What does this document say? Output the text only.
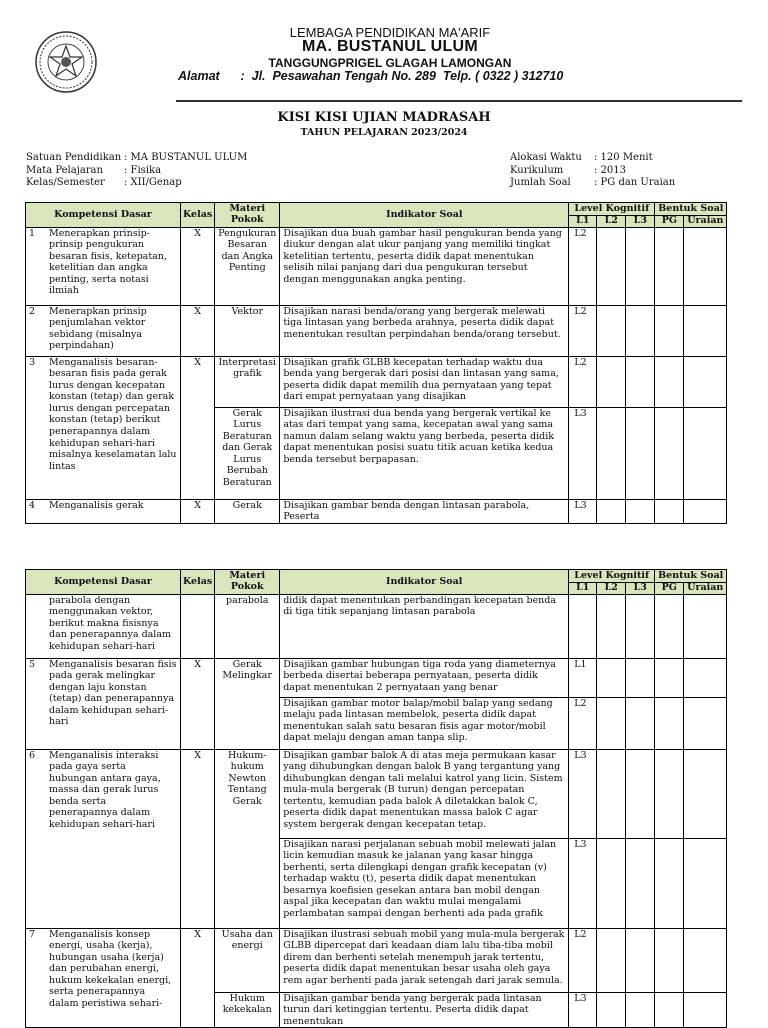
LEMBAGA PENDIDIKAN MA'ARIF
MA. BUSTANUL ULUM
TANGGUNGPRIGEL GLAGAH LAMONGAN
Alamat      :  Jl.  Pesawahan Tengah No. 289  Telp. ( 0322 ) 312710
KISI KISI UJIAN MADRASAH
TAHUN PELAJARAN 2023/2024
Satuan Pendidikan : MA BUSTANUL ULUM
Mata Pelajaran : Fisika
Kelas/Semester : XII/Genap
Alokasi Waktu : 120 Menit
Kurikulum	: 2013
Jumlah Soal : PG dan Uraian
Kompetensi Dasar	Kelas	Materi Pokok	Indikator Soal	Level Kognitif			Bentuk Soal	
				L1	L2	L3	PG	Uraian

1 Menerapkan prinsip-prinsip pengukuran besaran fisis, ketepatan, ketelitian dan angka penting, serta notasi ilmiah	X	Pengukuran Besaran dan Angka Penting	Disajikan dua buah gambar hasil pengukuran benda yang diukur dengan alat ukur panjang yang memiliki tingkat ketelitian tertentu, peserta didik dapat menentukan selisih nilai panjang dari dua pengukuran tersebut dengan menggunakan angka penting.	L2				

2 Menerapkan prinsip penjumlahan vektor sebidang (misalnya perpindahan)	X	Vektor	Disajikan narasi benda/orang yang bergerak melewati tiga lintasan yang berbeda arahnya, peserta didik dapat menentukan resultan perpindahan benda/orang tersebut.	L2				

3 Menganalisis besaran-besaran fisis pada gerak lurus dengan kecepatan konstan (tetap) dan gerak lurus dengan percepatan konstan (tetap) berikut penerapannya dalam kehidupan sehari-hari misalnya keselamatan lalu lintas	X	Interpretasi grafik	Disajikan grafik GLBB kecepatan terhadap waktu dua benda yang bergerak dari posisi dan lintasan yang sama, peserta didik dapat memilih dua pernyataan yang tepat dari empat pernyataan yang disajikan	L2				
		Gerak Lurus Beraturan dan Gerak Lurus Berubah Beraturan	Disajikan ilustrasi dua benda yang bergerak vertikal ke atas dari tempat yang sama, kecepatan awal yang sama namun dalam selang waktu yang berbeda, peserta didik dapat menentukan posisi suatu titik acuan ketika kedua benda tersebut berpapasan.	L3				

4 Menganalisis gerak	X	Gerak	Disajikan gambar benda dengan lintasan parabola, Peserta	L3				
Kompetensi Dasar	Kelas	Materi Pokok	Indikator Soal	Level Kognitif			Bentuk Soal	
				L1	L2	L3	PG	Uraian

parabola dengan menggunakan vektor, berikut makna fisisnya dan penerapannya dalam kehidupan sehari-hari		parabola	didik dapat menentukan perbandingan kecepatan benda di tiga titik sepanjang lintasan parabola					

5 Menganalisis besaran fisis pada gerak melingkar dengan laju konstan (tetap) dan penerapannya dalam kehidupan sehari-hari	X	Gerak Melingkar	Disajikan gambar hubungan tiga roda yang diameternya berbeda disertai beberapa pernyataan, peserta didik dapat menentukan 2 pernyataan yang benar	L1				
			Disajikan gambar motor balap/mobil balap yang sedang melaju pada lintasan membelok, peserta didik dapat menentukan salah satu besaran fisis agar motor/mobil dapat melaju dengan aman tanpa slip.	L2				

6 Menganalisis interaksi pada gaya serta hubungan antara gaya, massa dan gerak lurus benda serta penerapannya dalam kehidupan sehari-hari	X	Hukum-hukum Newton Tentang Gerak	Disajikan gambar balok A di atas meja permukaan kasar yang dihubungkan dengan balok B yang tergantung yang dihubungkan dengan tali melalui katrol yang licin. Sistem mula-mula bergerak (B turun) dengan percepatan tertentu, kemudian pada balok A diletakkan balok C, peserta didik dapat menentukan massa balok C agar system bergerak dengan kecepatan tetap.	L3				
			Disajikan narasi perjalanan sebuah mobil melewati jalan licin kemudian masuk ke jalanan yang kasar hingga berhenti, serta dilengkapi dengan grafik kecepatan (v) terhadap waktu (t), peserta didik dapat menentukan besarnya koefisien gesekan antara ban mobil dengan aspal jika kecepatan dan waktu mulai mengalami perlambatan sampai dengan berhenti ada pada grafik	L3				

7 Menganalisis konsep energi, usaha (kerja), hubungan usaha (kerja) dan perubahan energi, hukum kekekalan energi, serta penerapannya dalam peristiwa sehari-	X	Usaha dan energi	Disajikan ilustrasi sebuah mobil yang mula-mula bergerak GLBB dipercepat dari keadaan diam lalu tiba-tiba mobil direm dan berhenti setelah menempuh jarak tertentu, peserta didik dapat menentukan besar usaha oleh gaya rem agar berhenti pada jarak setengah dari jarak semula.	L2				
		Hukum kekekalan	Disajikan gambar benda yang bergerak pada lintasan turun dari ketinggian tertentu. Peserta didik dapat menentukan	L3				
